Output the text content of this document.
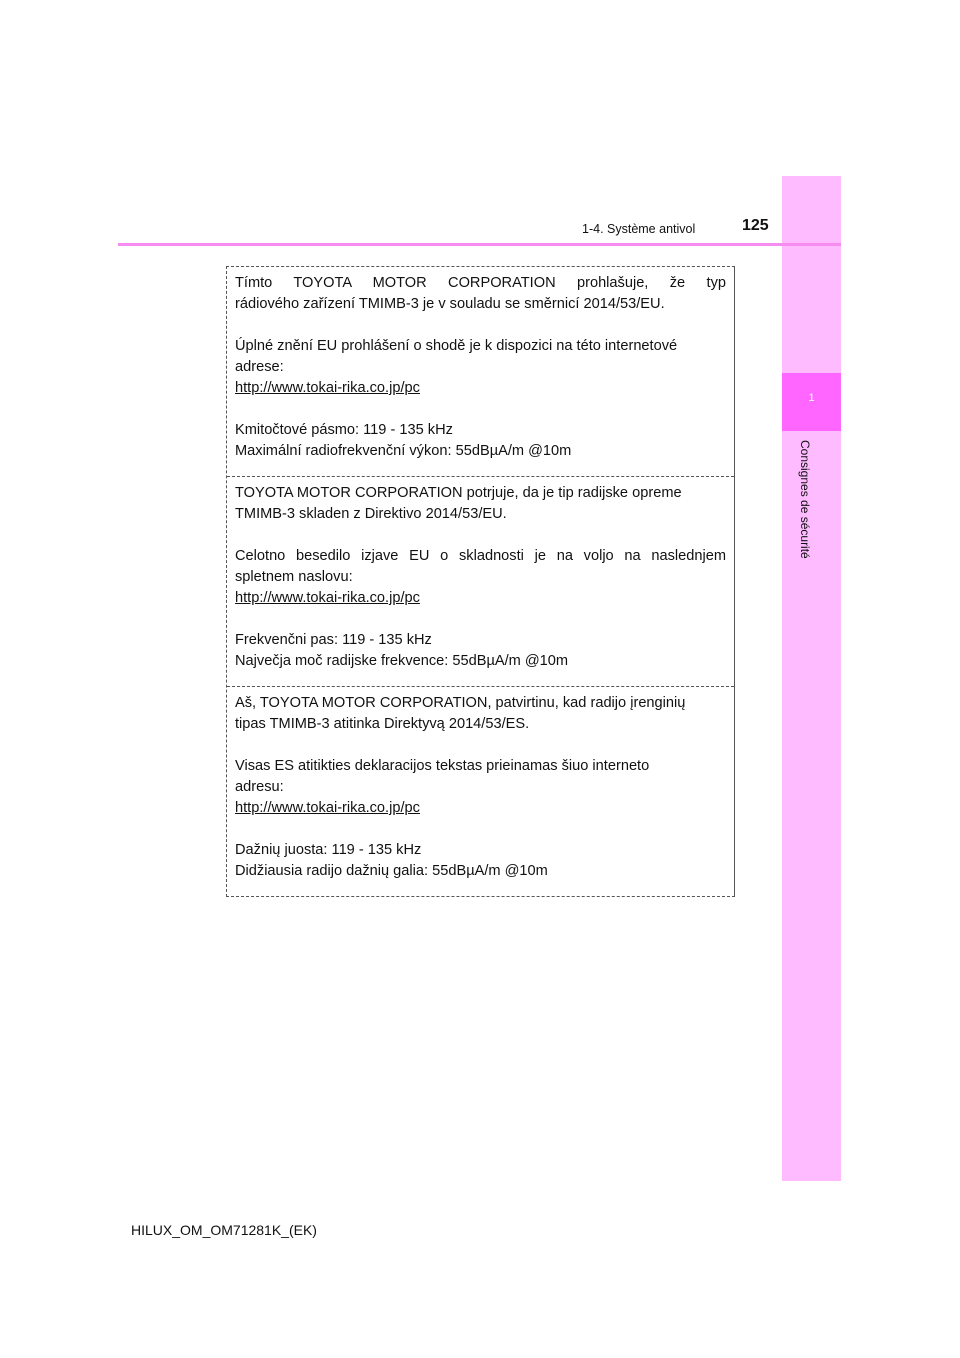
1
Consignes de sécurité
1-4. Système antivol	125
Tímto TOYOTA MOTOR CORPORATION prohlašuje, že typ

rádiového zařízení TMIMB-3 je v souladu se směrnicí 2014/53/EU.

Úplné znění EU prohlášení o shodě je k dispozici na této internetové
adrese:

http://www.tokai-rika.co.jp/pc

Kmitočtové pásmo: 119 - 135 kHz
Maximální radiofrekvenční výkon: 55dBµA/m @10m
TOYOTA MOTOR CORPORATION potrjuje, da je tip radijske opreme

TMIMB-3 skladen z Direktivo 2014/53/EU.

Celotno besedilo izjave EU o skladnosti je na voljo na naslednjem
spletnem naslovu:

http://www.tokai-rika.co.jp/pc

Frekvenčni pas: 119 - 135 kHz
Največja moč radijske frekvence: 55dBµA/m @10m
Aš, TOYOTA MOTOR CORPORATION, patvirtinu, kad radijo įrenginių

tipas TMIMB-3 atitinka Direktyvą 2014/53/ES.

Visas ES atitikties deklaracijos tekstas prieinamas šiuo interneto
adresu:

http://www.tokai-rika.co.jp/pc

Dažnių juosta: 119 - 135 kHz
Didžiausia radijo dažnių galia: 55dBµA/m @10m
HILUX_OM_OM71281K_(EK)
